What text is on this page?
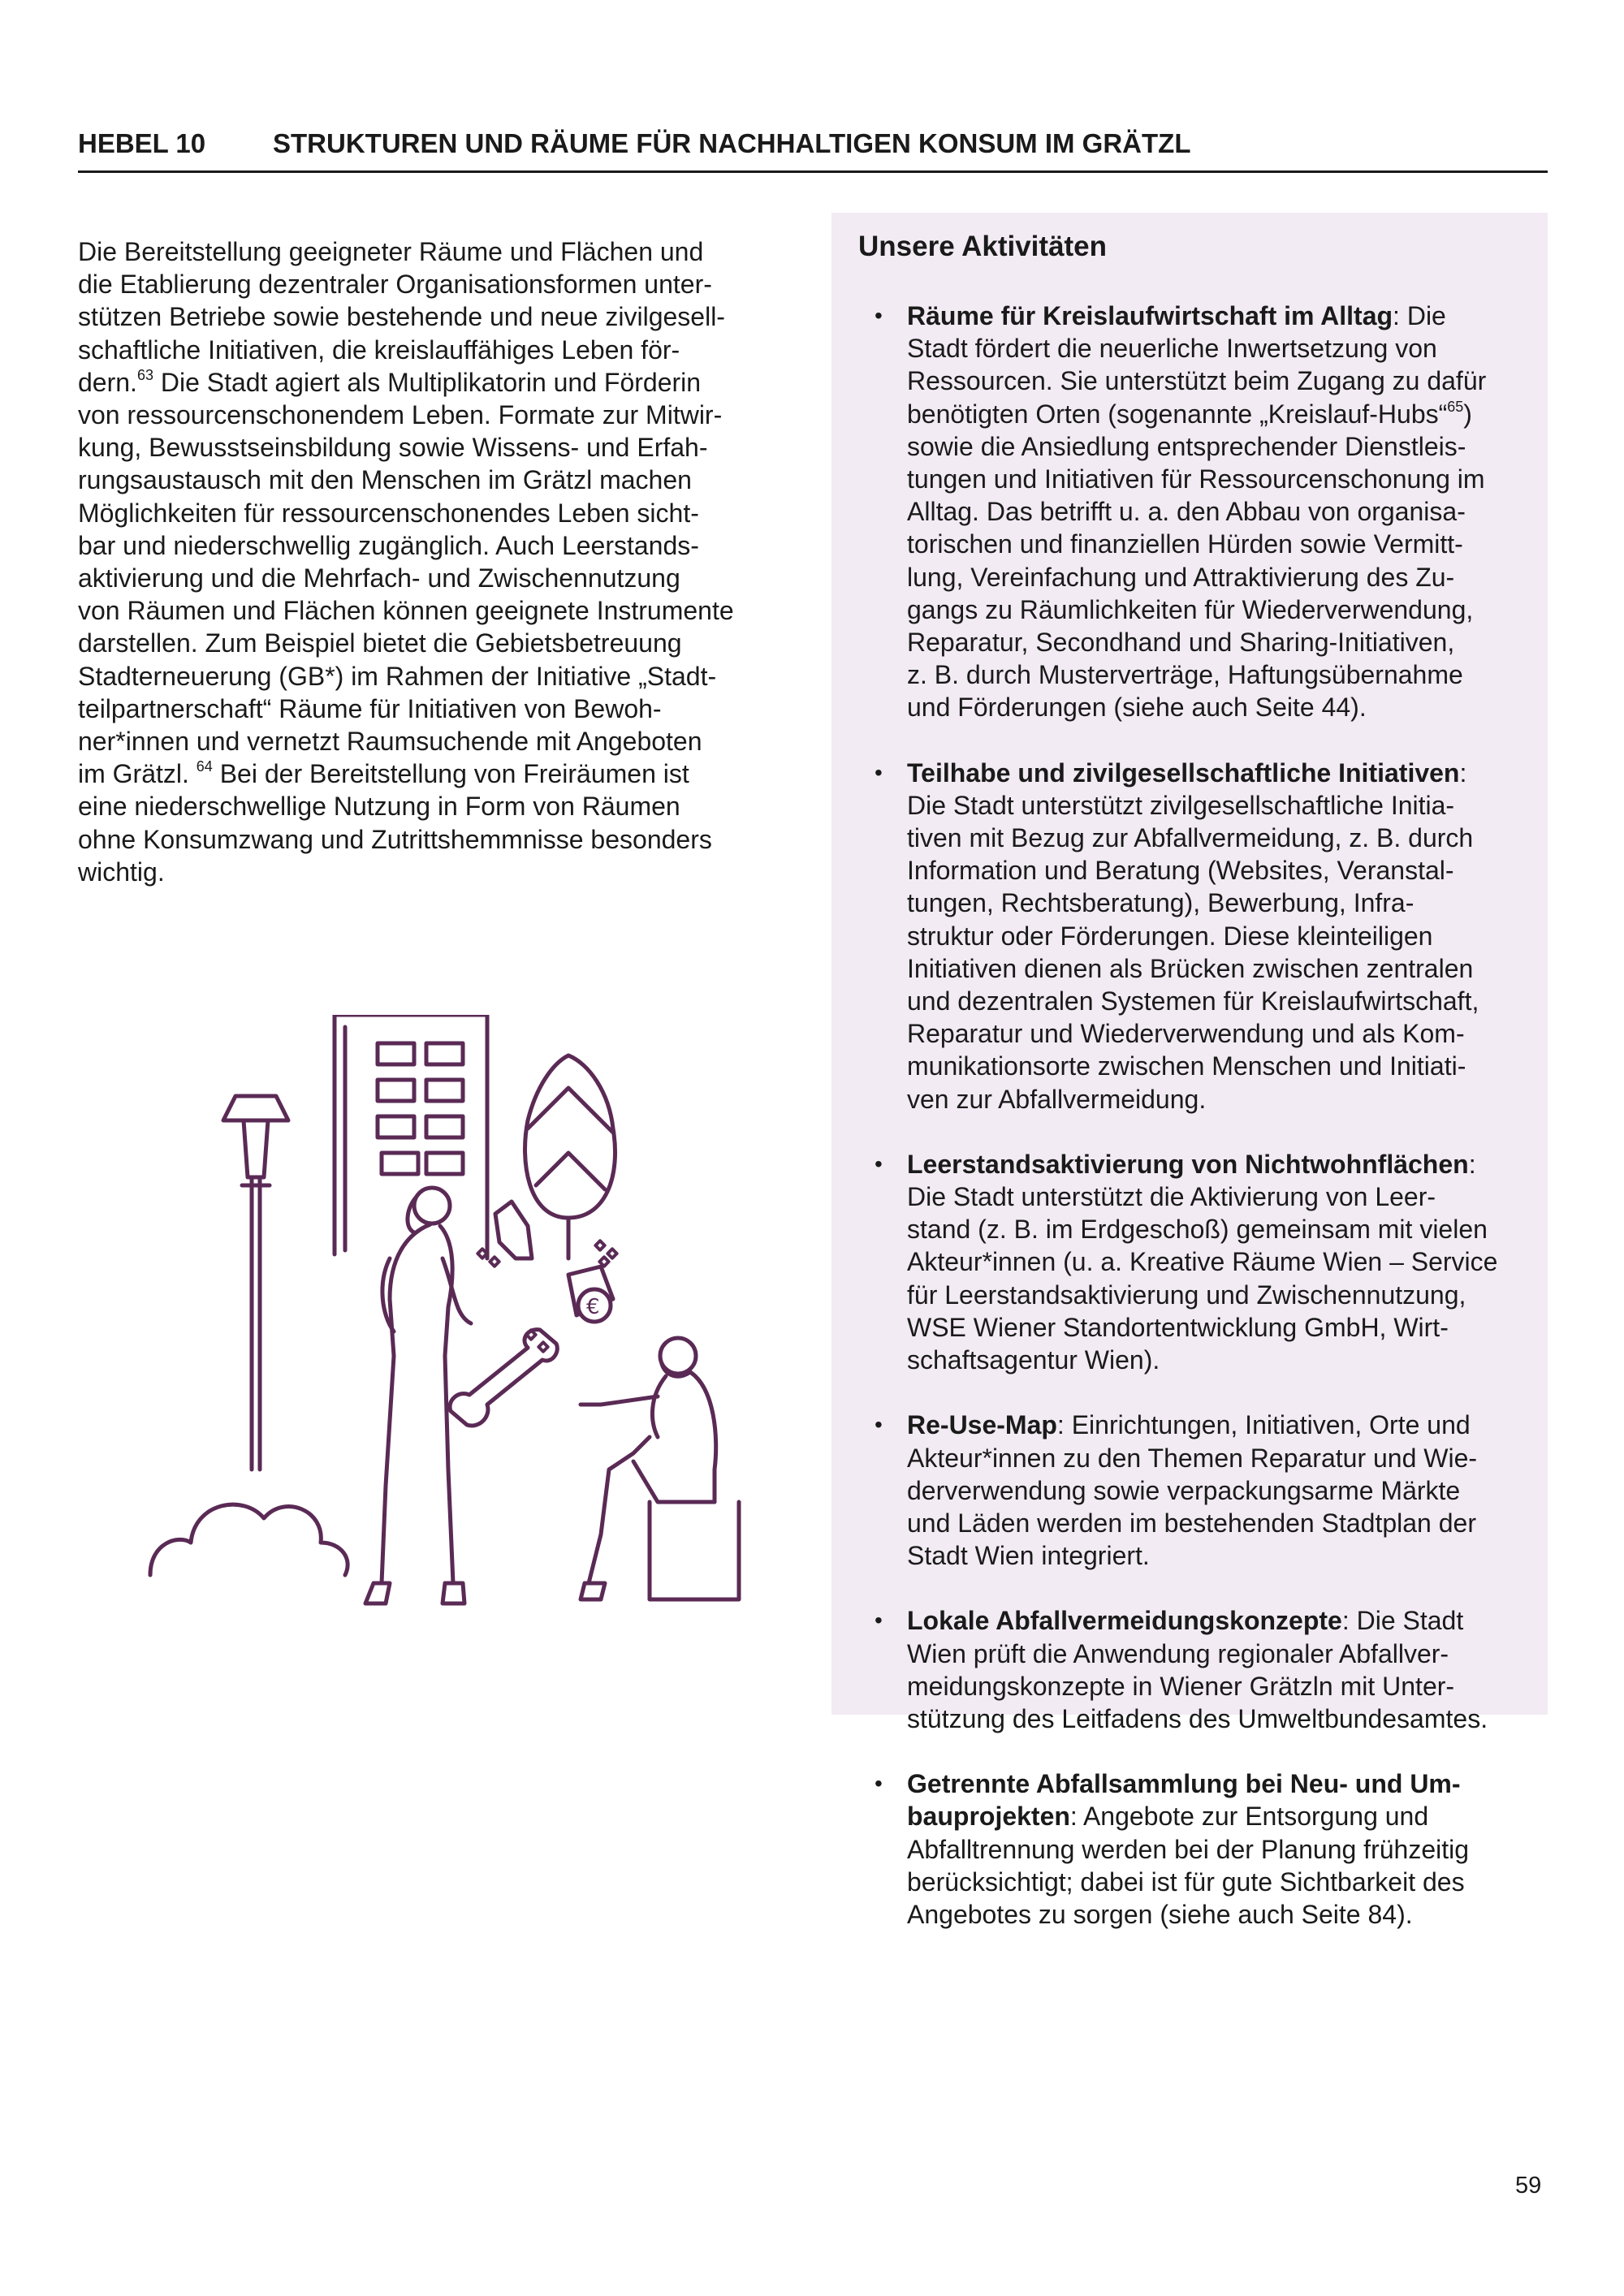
HEBEL 10	STRUKTUREN UND RÄUME FÜR NACHHALTIGEN KONSUM IM GRÄTZL

Die Bereitstellung geeigneter Räume und Flächen und
die Etablierung dezentraler Organisationsformen unter-
stützen Betriebe sowie bestehende und neue zivilgesell-
schaftliche Initiativen, die kreislauffähiges Leben för-
dern.$^{63}$ Die Stadt agiert als Multiplikatorin und Förderin
von ressourcenschonendem Leben. Formate zur Mitwir-
kung, Bewusstseinsbildung sowie Wissens- und Erfah-
rungsaustausch mit den Menschen im Grätzl machen
Möglichkeiten für ressourcenschonendes Leben sicht-
bar und niederschwellig zugänglich. Auch Leerstands-
aktivierung und die Mehrfach- und Zwischennutzung
von Räumen und Flächen können geeignete Instrumente
darstellen. Zum Beispiel bietet die Gebietsbetreuung
Stadterneuerung (GB*) im Rahmen der Initiative „Stadt-
teilpartnerschaft“ Räume für Initiativen von Bewoh-
ner*innen und vernetzt Raumsuchende mit Angeboten
im Grätzl. $^{64}$ Bei der Bereitstellung von Freiräumen ist
eine niederschwellige Nutzung in Form von Räumen
ohne Konsumzwang und Zutrittshemmnisse besonders
wichtig.

€
Unsere Aktivitäten
• Räume für Kreislaufwirtschaft im Alltag: Die
Stadt fördert die neuerliche Inwertsetzung von
Ressourcen. Sie unterstützt beim Zugang zu dafür
benötigten Orten (sogenannte „Kreislauf-Hubs“$^{65}$)
sowie die Ansiedlung entsprechender Dienstleis-
tungen und Initiativen für Ressourcenschonung im
Alltag. Das betrifft u. a. den Abbau von organisa-
torischen und finanziellen Hürden sowie Vermitt-
lung, Vereinfachung und Attraktivierung des Zu-
gangs zu Räumlichkeiten für Wiederverwendung,
Reparatur, Secondhand und Sharing-Initiativen,
z. B. durch Musterverträge, Haftungsübernahme
und Förderungen (siehe auch Seite 44).
• Teilhabe und zivilgesellschaftliche Initiativen:
Die Stadt unterstützt zivilgesellschaftliche Initia-
tiven mit Bezug zur Abfallvermeidung, z. B. durch
Information und Beratung (Websites, Veranstal-
tungen, Rechtsberatung), Bewerbung, Infra-
struktur oder Förderungen. Diese kleinteiligen
Initiativen dienen als Brücken zwischen zentralen
und dezentralen Systemen für Kreislaufwirtschaft,
Reparatur und Wiederverwendung und als Kom-
munikationsorte zwischen Menschen und Initiati-
ven zur Abfallvermeidung.
• Leerstandsaktivierung von Nichtwohnflächen:
Die Stadt unterstützt die Aktivierung von Leer-
stand (z. B. im Erdgeschoß) gemeinsam mit vielen
Akteur*innen (u. a. Kreative Räume Wien – Service
für Leerstandsaktivierung und Zwischennutzung,
WSE Wiener Standortentwicklung GmbH, Wirt-
schaftsagentur Wien).
• Re-Use-Map: Einrichtungen, Initiativen, Orte und
Akteur*innen zu den Themen Reparatur und Wie-
derverwendung sowie verpackungsarme Märkte
und Läden werden im bestehenden Stadtplan der
Stadt Wien integriert.
• Lokale Abfallvermeidungskonzepte: Die Stadt
Wien prüft die Anwendung regionaler Abfallver-
meidungskonzepte in Wiener Grätzln mit Unter-
stützung des Leitfadens des Umweltbundesamtes.
• Getrennte Abfallsammlung bei Neu- und Um-
bauprojekten: Angebote zur Entsorgung und
Abfalltrennung werden bei der Planung frühzeitig
berücksichtigt; dabei ist für gute Sichtbarkeit des
Angebotes zu sorgen (siehe auch Seite 84).
59
